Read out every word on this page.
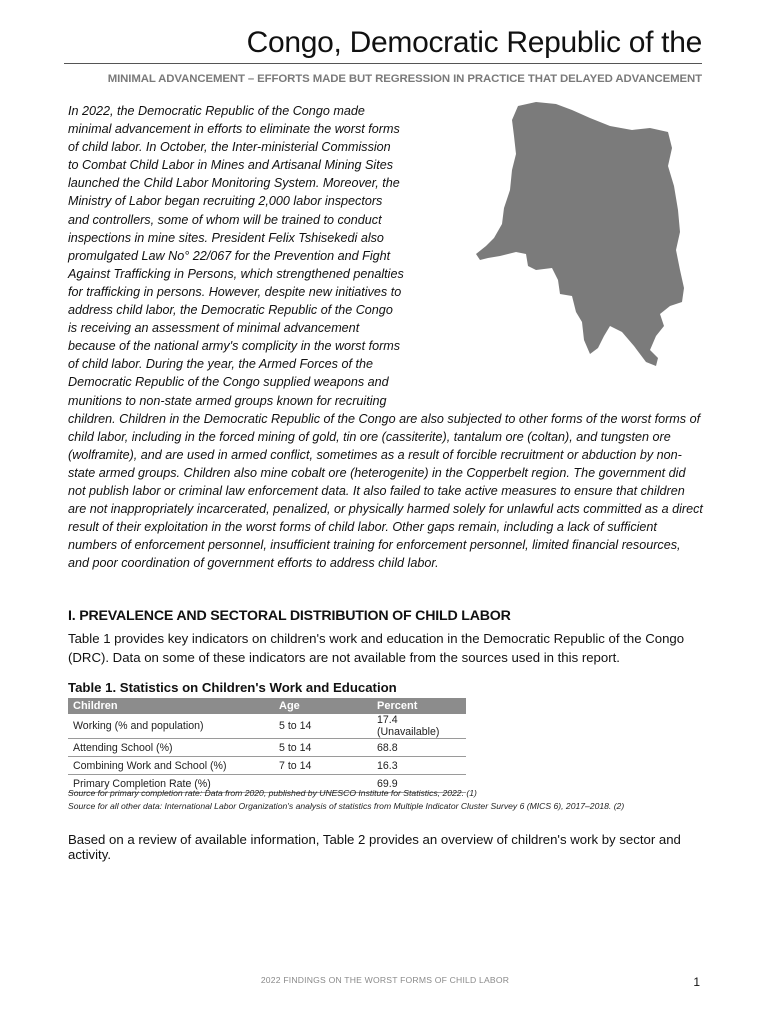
Congo, Democratic Republic of the
MINIMAL ADVANCEMENT – EFFORTS MADE BUT REGRESSION IN PRACTICE THAT DELAYED ADVANCEMENT

In 2022, the Democratic Republic of the Congo made minimal advancement in efforts to eliminate the worst forms of child labor. In October, the Inter-ministerial Commission to Combat Child Labor in Mines and Artisanal Mining Sites launched the Child Labor Monitoring System. Moreover, the Ministry of Labor began recruiting 2,000 labor inspectors and controllers, some of whom will be trained to conduct inspections in mine sites. President Felix Tshisekedi also promulgated Law No° 22/067 for the Prevention and Fight Against Trafficking in Persons, which strengthened penalties for trafficking in persons. However, despite new initiatives to address child labor, the Democratic Republic of the Congo is receiving an assessment of minimal advancement because of the national army's complicity in the worst forms of child labor. During the year, the Armed Forces of the Democratic Republic of the Congo supplied weapons and munitions to non-state armed groups known for recruiting children. Children in the Democratic Republic of the Congo are also subjected to other forms of the worst forms of child labor, including in the forced mining of gold, tin ore (cassiterite), tantalum ore (coltan), and tungsten ore (wolframite), and are used in armed conflict, sometimes as a result of forcible recruitment or abduction by non-state armed groups. Children also mine cobalt ore (heterogenite) in the Copperbelt region. The government did not publish labor or criminal law enforcement data. It also failed to take active measures to ensure that children are not inappropriately incarcerated, penalized, or physically harmed solely for unlawful acts committed as a direct result of their exploitation in the worst forms of child labor. Other gaps remain, including a lack of sufficient numbers of enforcement personnel, insufficient training for enforcement personnel, limited financial resources, and poor coordination of government efforts to address child labor.

I. PREVALENCE AND SECTORAL DISTRIBUTION OF CHILD LABOR

Table 1 provides key indicators on children's work and education in the Democratic Republic of the Congo (DRC). Data on some of these indicators are not available from the sources used in this report.

Table 1. Statistics on Children's Work and Education
Children	Age	Percent
Working (% and population)	5 to 14	17.4 (Unavailable)
Attending School (%)	5 to 14	68.8
Combining Work and School (%)	7 to 14	16.3
Primary Completion Rate (%)		69.9

Source for primary completion rate: Data from 2020, published by UNESCO Institute for Statistics, 2022. (1)

Source for all other data: International Labor Organization's analysis of statistics from Multiple Indicator Cluster Survey 6 (MICS 6), 2017–2018. (2)

Based on a review of available information, Table 2 provides an overview of children's work by sector and activity.

2022 FINDINGS ON THE WORST FORMS OF CHILD LABOR	1
